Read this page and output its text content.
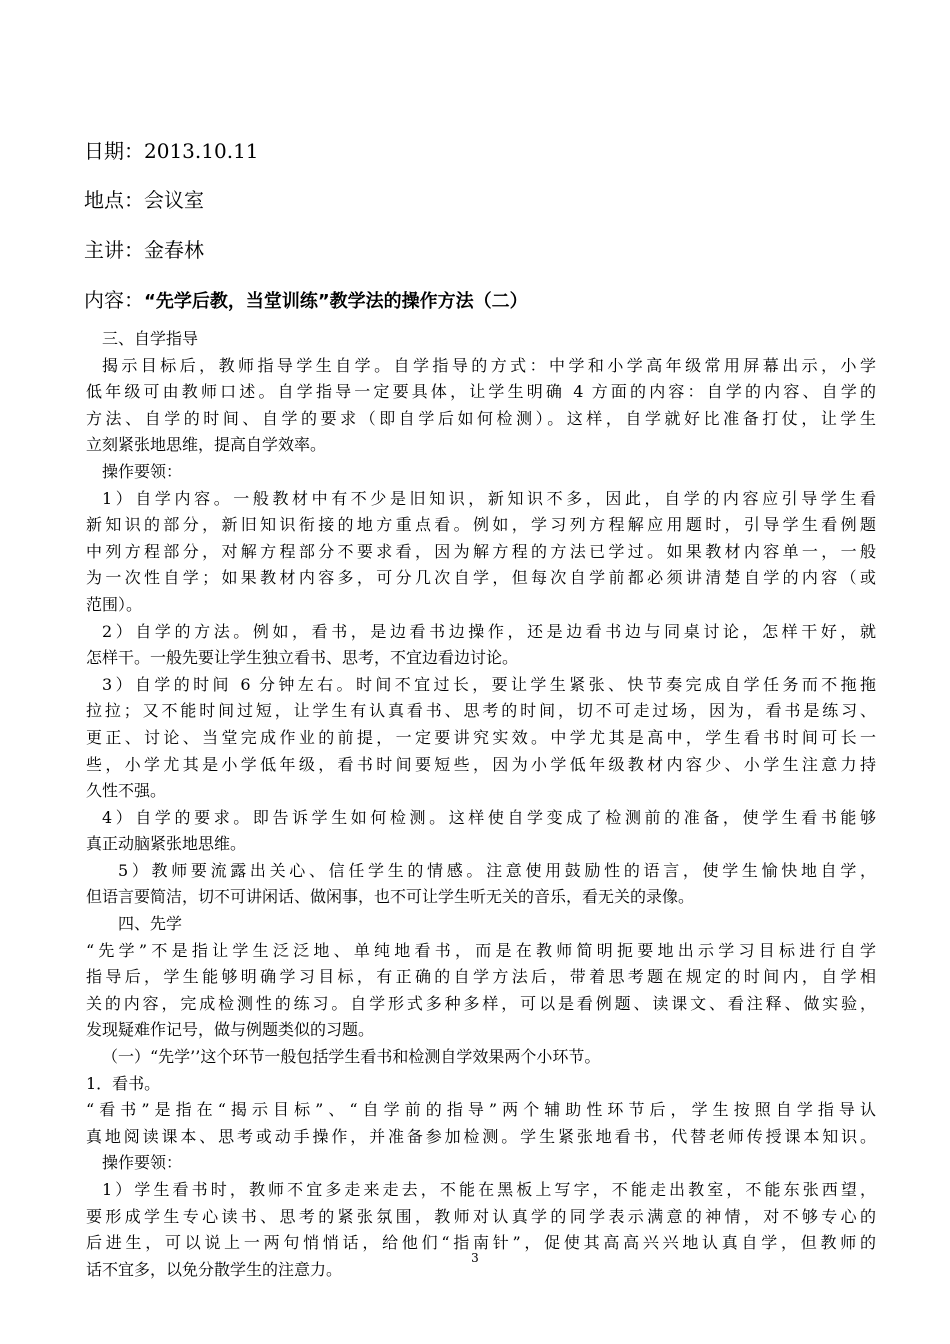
日期：2013.10.11
地点：会议室
主讲：金春林
内容：“先学后教，当堂训练”教学法的操作方法（二）
三、自学指导
揭示目标后，教师指导学生自学。自学指导的方式：中学和小学高年级常用屏幕出示，小学
低年级可由教师口述。自学指导一定要具体，让学生明确 4 方面的内容：自学的内容、自学的
方法、自学的时间、自学的要求（即自学后如何检测）。这样，自学就好比准备打仗，让学生
立刻紧张地思维，提高自学效率。
操作要领：
1）自学内容。一般教材中有不少是旧知识，新知识不多，因此，自学的内容应引导学生看
新知识的部分，新旧知识衔接的地方重点看。例如，学习列方程解应用题时，引导学生看例题
中列方程部分，对解方程部分不要求看，因为解方程的方法已学过。如果教材内容单一，一般
为一次性自学；如果教材内容多，可分几次自学，但每次自学前都必须讲清楚自学的内容（或
范围）。
2）自学的方法。例如，看书，是边看书边操作，还是边看书边与同桌讨论，怎样干好，就
怎样干。一般先要让学生独立看书、思考，不宜边看边讨论。
3）自学的时间 6 分钟左右。时间不宜过长，要让学生紧张、快节奏完成自学任务而不拖拖
拉拉；又不能时间过短，让学生有认真看书、思考的时间，切不可走过场，因为，看书是练习、
更正、讨论、当堂完成作业的前提，一定要讲究实效。中学尤其是高中，学生看书时间可长一
些，小学尤其是小学低年级，看书时间要短些，因为小学低年级教材内容少、小学生注意力持
久性不强。
4）自学的要求。即告诉学生如何检测。这样使自学变成了检测前的准备，使学生看书能够
真正动脑紧张地思维。
5）教师要流露出关心、信任学生的情感。注意使用鼓励性的语言，使学生愉快地自学，
但语言要简洁，切不可讲闲话、做闲事，也不可让学生听无关的音乐，看无关的录像。
四、先学
“先学”不是指让学生泛泛地、单纯地看书，而是在教师简明扼要地出示学习目标进行自学
指导后，学生能够明确学习目标，有正确的自学方法后，带着思考题在规定的时间内，自学相
关的内容，完成检测性的练习。自学形式多种多样，可以是看例题、读课文、看注释、做实验，
发现疑难作记号，做与例题类似的习题。
（一）“先学’’这个环节一般包括学生看书和检测自学效果两个小环节。
1．看书。
“看书”是指在“揭示目标”、“自学前的指导”两个辅助性环节后，学生按照自学指导认
真地阅读课本、思考或动手操作，并准备参加检测。学生紧张地看书，代替老师传授课本知识。
操作要领：
1）学生看书时，教师不宜多走来走去，不能在黑板上写字，不能走出教室，不能东张西望，
要形成学生专心读书、思考的紧张氛围，教师对认真学的同学表示满意的神情，对不够专心的
后进生，可以说上一两句悄悄话，给他们“指南针”，促使其高高兴兴地认真自学，但教师的
话不宜多，以免分散学生的注意力。
3
